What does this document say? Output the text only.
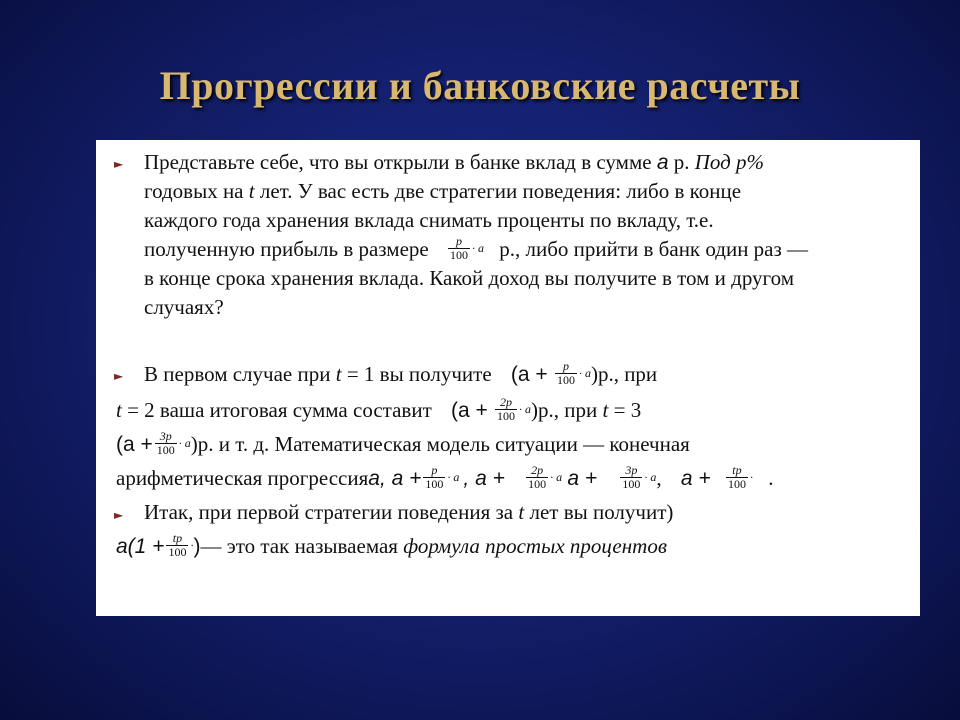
Прогрессии и банковские расчеты
► Представьте себе, что вы открыли в банке вклад в сумме a р. Под p%
годовых на t лет. У вас есть две стратегии поведения: либо в конце
каждого года хранения вклада снимать проценты по вкладу, т.е.
полученную прибыль в размере $\frac{p}{100} \cdot a$ р., либо прийти в банк один раз —
в конце срока хранения вклада. Какой доход вы получите в том и другом
случаях?
► В первом случае при t = 1 вы получите $(a + \frac{p}{100} \cdot a)р$., при
t = 2 ваша итоговая сумма составит $(a + \frac{2p}{100} \cdot a)р$., при t = 3
$(a + \frac{3p}{100} \cdot a)р$. и т. д. Математическая модель ситуации — конечная
арифметическая прогрессияa, $a + \frac{p}{100} \cdot a$ , $a + \frac{2p}{100} \cdot a$ $a + \frac{3p}{100} \cdot a$, $a + \frac{tp}{100}$ · .
► Итак, при первой стратегии поведения за t лет вы получит)
$a(1 + \frac{tp}{100}$ ·)— это так называемая формула простых процентов
